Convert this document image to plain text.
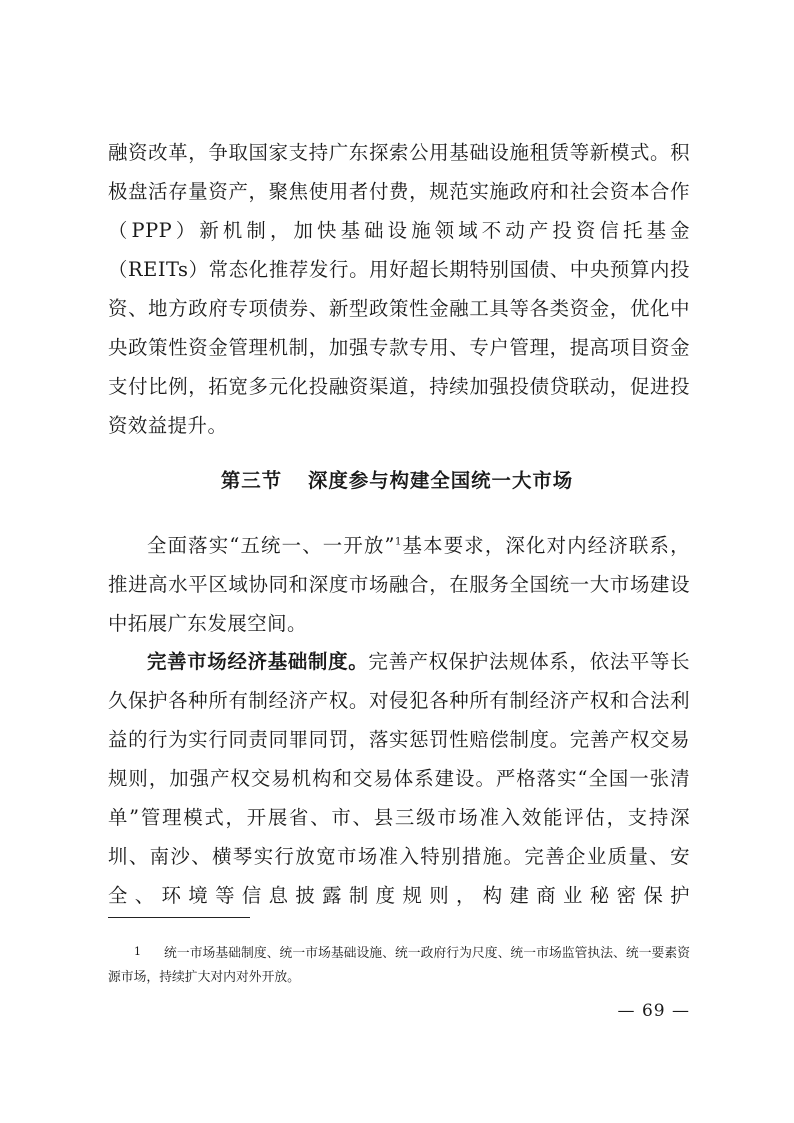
融资改革，争取国家支持广东探索公用基础设施租赁等新模式。积极盘活存量资产，聚焦使用者付费，规范实施政府和社会资本合作（PPP）新机制，加快基础设施领域不动产投资信托基金（REITs）常态化推荐发行。用好超长期特别国债、中央预算内投资、地方政府专项债券、新型政策性金融工具等各类资金，优化中央政策性资金管理机制，加强专款专用、专户管理，提高项目资金支付比例，拓宽多元化投融资渠道，持续加强投债贷联动，促进投资效益提升。

第三节 深度参与构建全国统一大市场

全面落实“五统一、一开放”$^1$基本要求，深化对内经济联系，推进高水平区域协同和深度市场融合，在服务全国统一大市场建设中拓展广东发展空间。

完善市场经济基础制度。完善产权保护法规体系，依法平等长久保护各种所有制经济产权。对侵犯各种所有制经济产权和合法利益的行为实行同责同罪同罚，落实惩罚性赔偿制度。完善产权交易规则，加强产权交易机构和交易体系建设。严格落实“全国一张清单”管理模式，开展省、市、县三级市场准入效能评估，支持深圳、南沙、横琴实行放宽市场准入特别措施。完善企业质量、安全、环境等信息披露制度规则，构建商业秘密保护

1 统一市场基础制度、统一市场基础设施、统一政府行为尺度、统一市场监管执法、统一要素资源市场，持续扩大对内对外开放。

— 69 —
